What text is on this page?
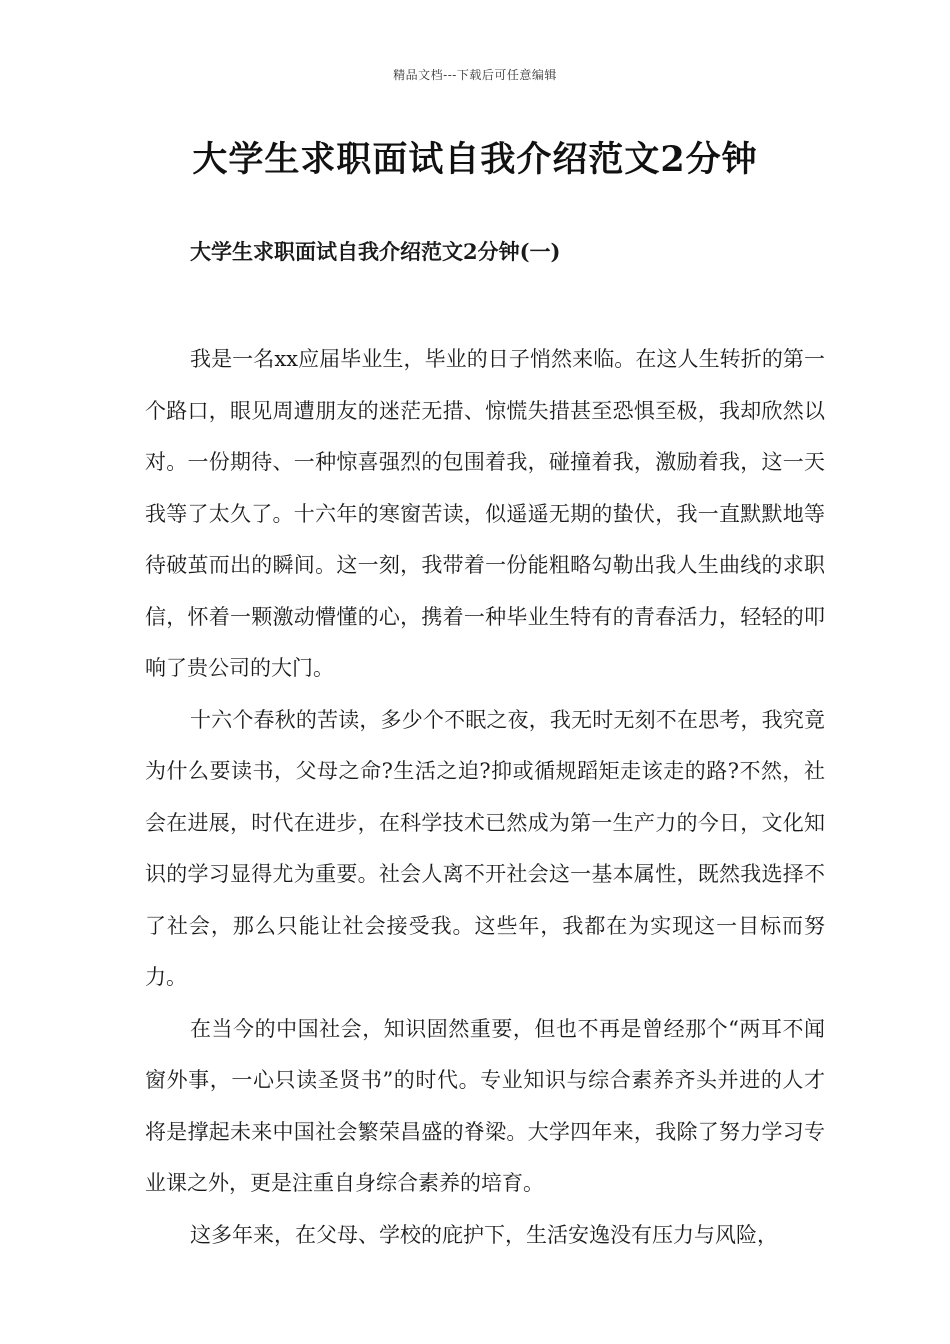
精品文档---下载后可任意编辑
大学生求职面试自我介绍范文2分钟
大学生求职面试自我介绍范文2分钟(一)

我是一名xx应届毕业生，毕业的日子悄然来临。在这人生转折的第一个路口，眼见周遭朋友的迷茫无措、惊慌失措甚至恐惧至极，我却欣然以对。一份期待、一种惊喜强烈的包围着我，碰撞着我，激励着我，这一天我等了太久了。十六年的寒窗苦读，似遥遥无期的蛰伏，我一直默默地等待破茧而出的瞬间。这一刻，我带着一份能粗略勾勒出我人生曲线的求职信，怀着一颗激动懵懂的心，携着一种毕业生特有的青春活力，轻轻的叩响了贵公司的大门。

十六个春秋的苦读，多少个不眠之夜，我无时无刻不在思考，我究竟为什么要读书，父母之命?生活之迫?抑或循规蹈矩走该走的路?不然，社会在进展，时代在进步，在科学技术已然成为第一生产力的今日，文化知识的学习显得尤为重要。社会人离不开社会这一基本属性，既然我选择不了社会，那么只能让社会接受我。这些年，我都在为实现这一目标而努力。

在当今的中国社会，知识固然重要，但也不再是曾经那个“两耳不闻窗外事，一心只读圣贤书”的时代。专业知识与综合素养齐头并进的人才将是撑起未来中国社会繁荣昌盛的脊梁。大学四年来，我除了努力学习专业课之外，更是注重自身综合素养的培育。

这多年来，在父母、学校的庇护下，生活安逸没有压力与风险，
